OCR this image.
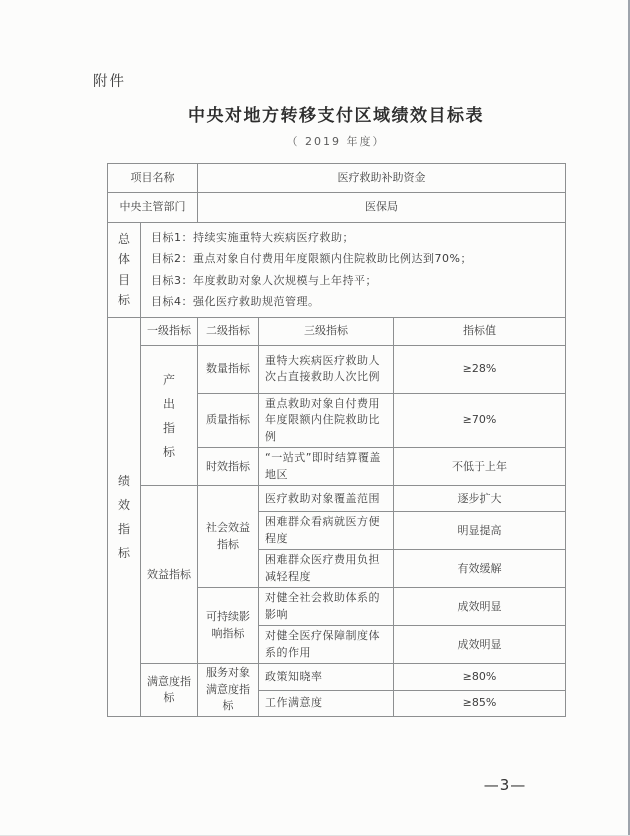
附件
中央对地方转移支付区域绩效目标表
（ 2019 年度）
项目名称		医疗救助补助资金		
中央主管部门		医保局		
总体目标	目标1：持续实施重特大疾病医疗救助；
目标2：重点对象自付费用年度限额内住院救助比例达到70%；
目标3：年度救助对象人次规模与上年持平；
目标4：强化医疗救助规范管理。			

绩效指标	一级指标	二级指标	三级指标	指标值
	产出指标	数量指标	重特大疾病医疗救助人次占直接救助人次比例	≥28%
		质量指标	重点救助对象自付费用年度限额内住院救助比例	≥70%
		时效指标	“一站式”即时结算覆盖地区	不低于上年
	效益指标	社会效益指标	医疗救助对象覆盖范围	逐步扩大
			困难群众看病就医方便程度	明显提高
			困难群众医疗费用负担减轻程度	有效缓解
		可持续影响指标	对健全社会救助体系的影响	成效明显
			对健全医疗保障制度体系的作用	成效明显
	满意度指标	服务对象满意度指标	政策知晓率	≥80%
			工作满意度	≥85%
—3—
